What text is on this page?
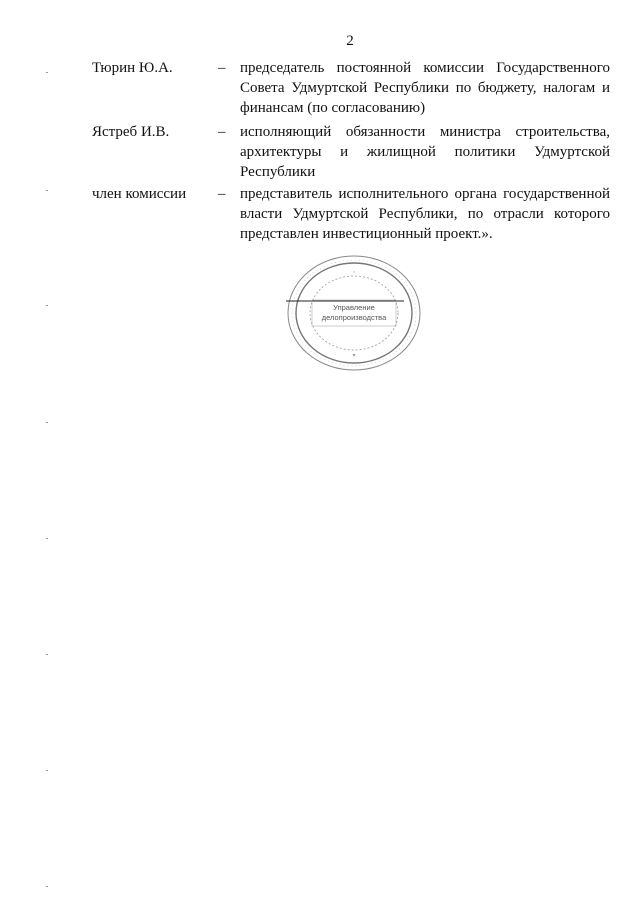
2
Тюрин Ю.А.	– председатель постоянной комиссии Государственного
Совета Удмуртской Республики по бюджету, налогам и
финансам (по согласованию)
Ястреб И.В.	– исполняющий обязанности министра строительства,
архитектуры и жилищной политики Удмуртской
Республики
член комиссии – представитель исполнительного органа государственной
власти Удмуртской Республики, по отрасли которого
представлен инвестиционный проект.».
Управление
делопроизводства
*
▾
